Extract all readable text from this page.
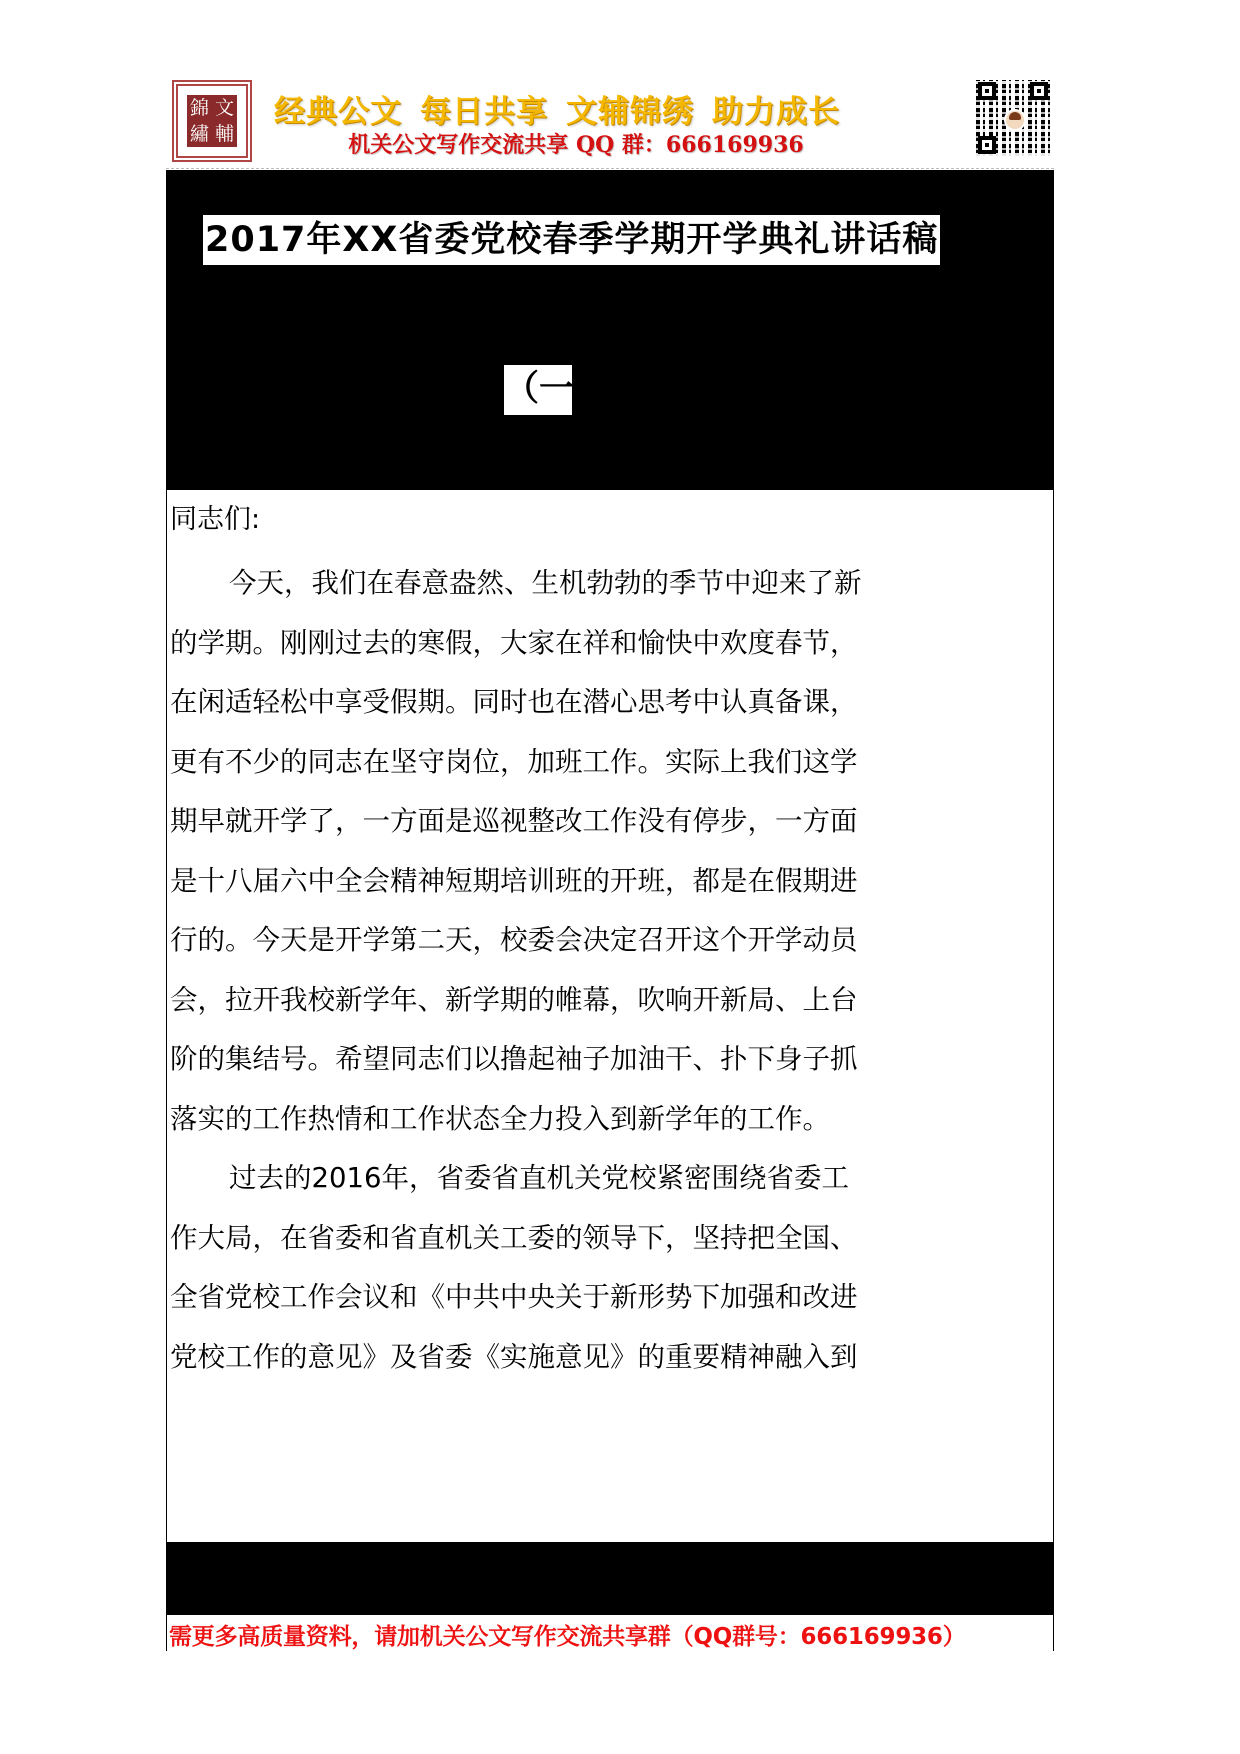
錦 文
繡 輔
经典公文 每日共享 文辅锦绣 助力成长
机关公文写作交流共享 QQ 群：666169936
2017年XX省委党校春季学期开学典礼讲话稿
（一）
同志们:
今天，我们在春意盎然、生机勃勃的季节中迎来了新
的学期。刚刚过去的寒假，大家在祥和愉快中欢度春节，
在闲适轻松中享受假期。同时也在潜心思考中认真备课，
更有不少的同志在坚守岗位，加班工作。实际上我们这学
期早就开学了，一方面是巡视整改工作没有停步，一方面
是十八届六中全会精神短期培训班的开班，都是在假期进
行的。今天是开学第二天，校委会决定召开这个开学动员
会，拉开我校新学年、新学期的帷幕，吹响开新局、上台
阶的集结号。希望同志们以撸起袖子加油干、扑下身子抓
落实的工作热情和工作状态全力投入到新学年的工作。
过去的2016年，省委省直机关党校紧密围绕省委工
作大局，在省委和省直机关工委的领导下，坚持把全国、
全省党校工作会议和《中共中央关于新形势下加强和改进
党校工作的意见》及省委《实施意见》的重要精神融入到
需更多高质量资料，请加机关公文写作交流共享群（QQ群号：666169936）
